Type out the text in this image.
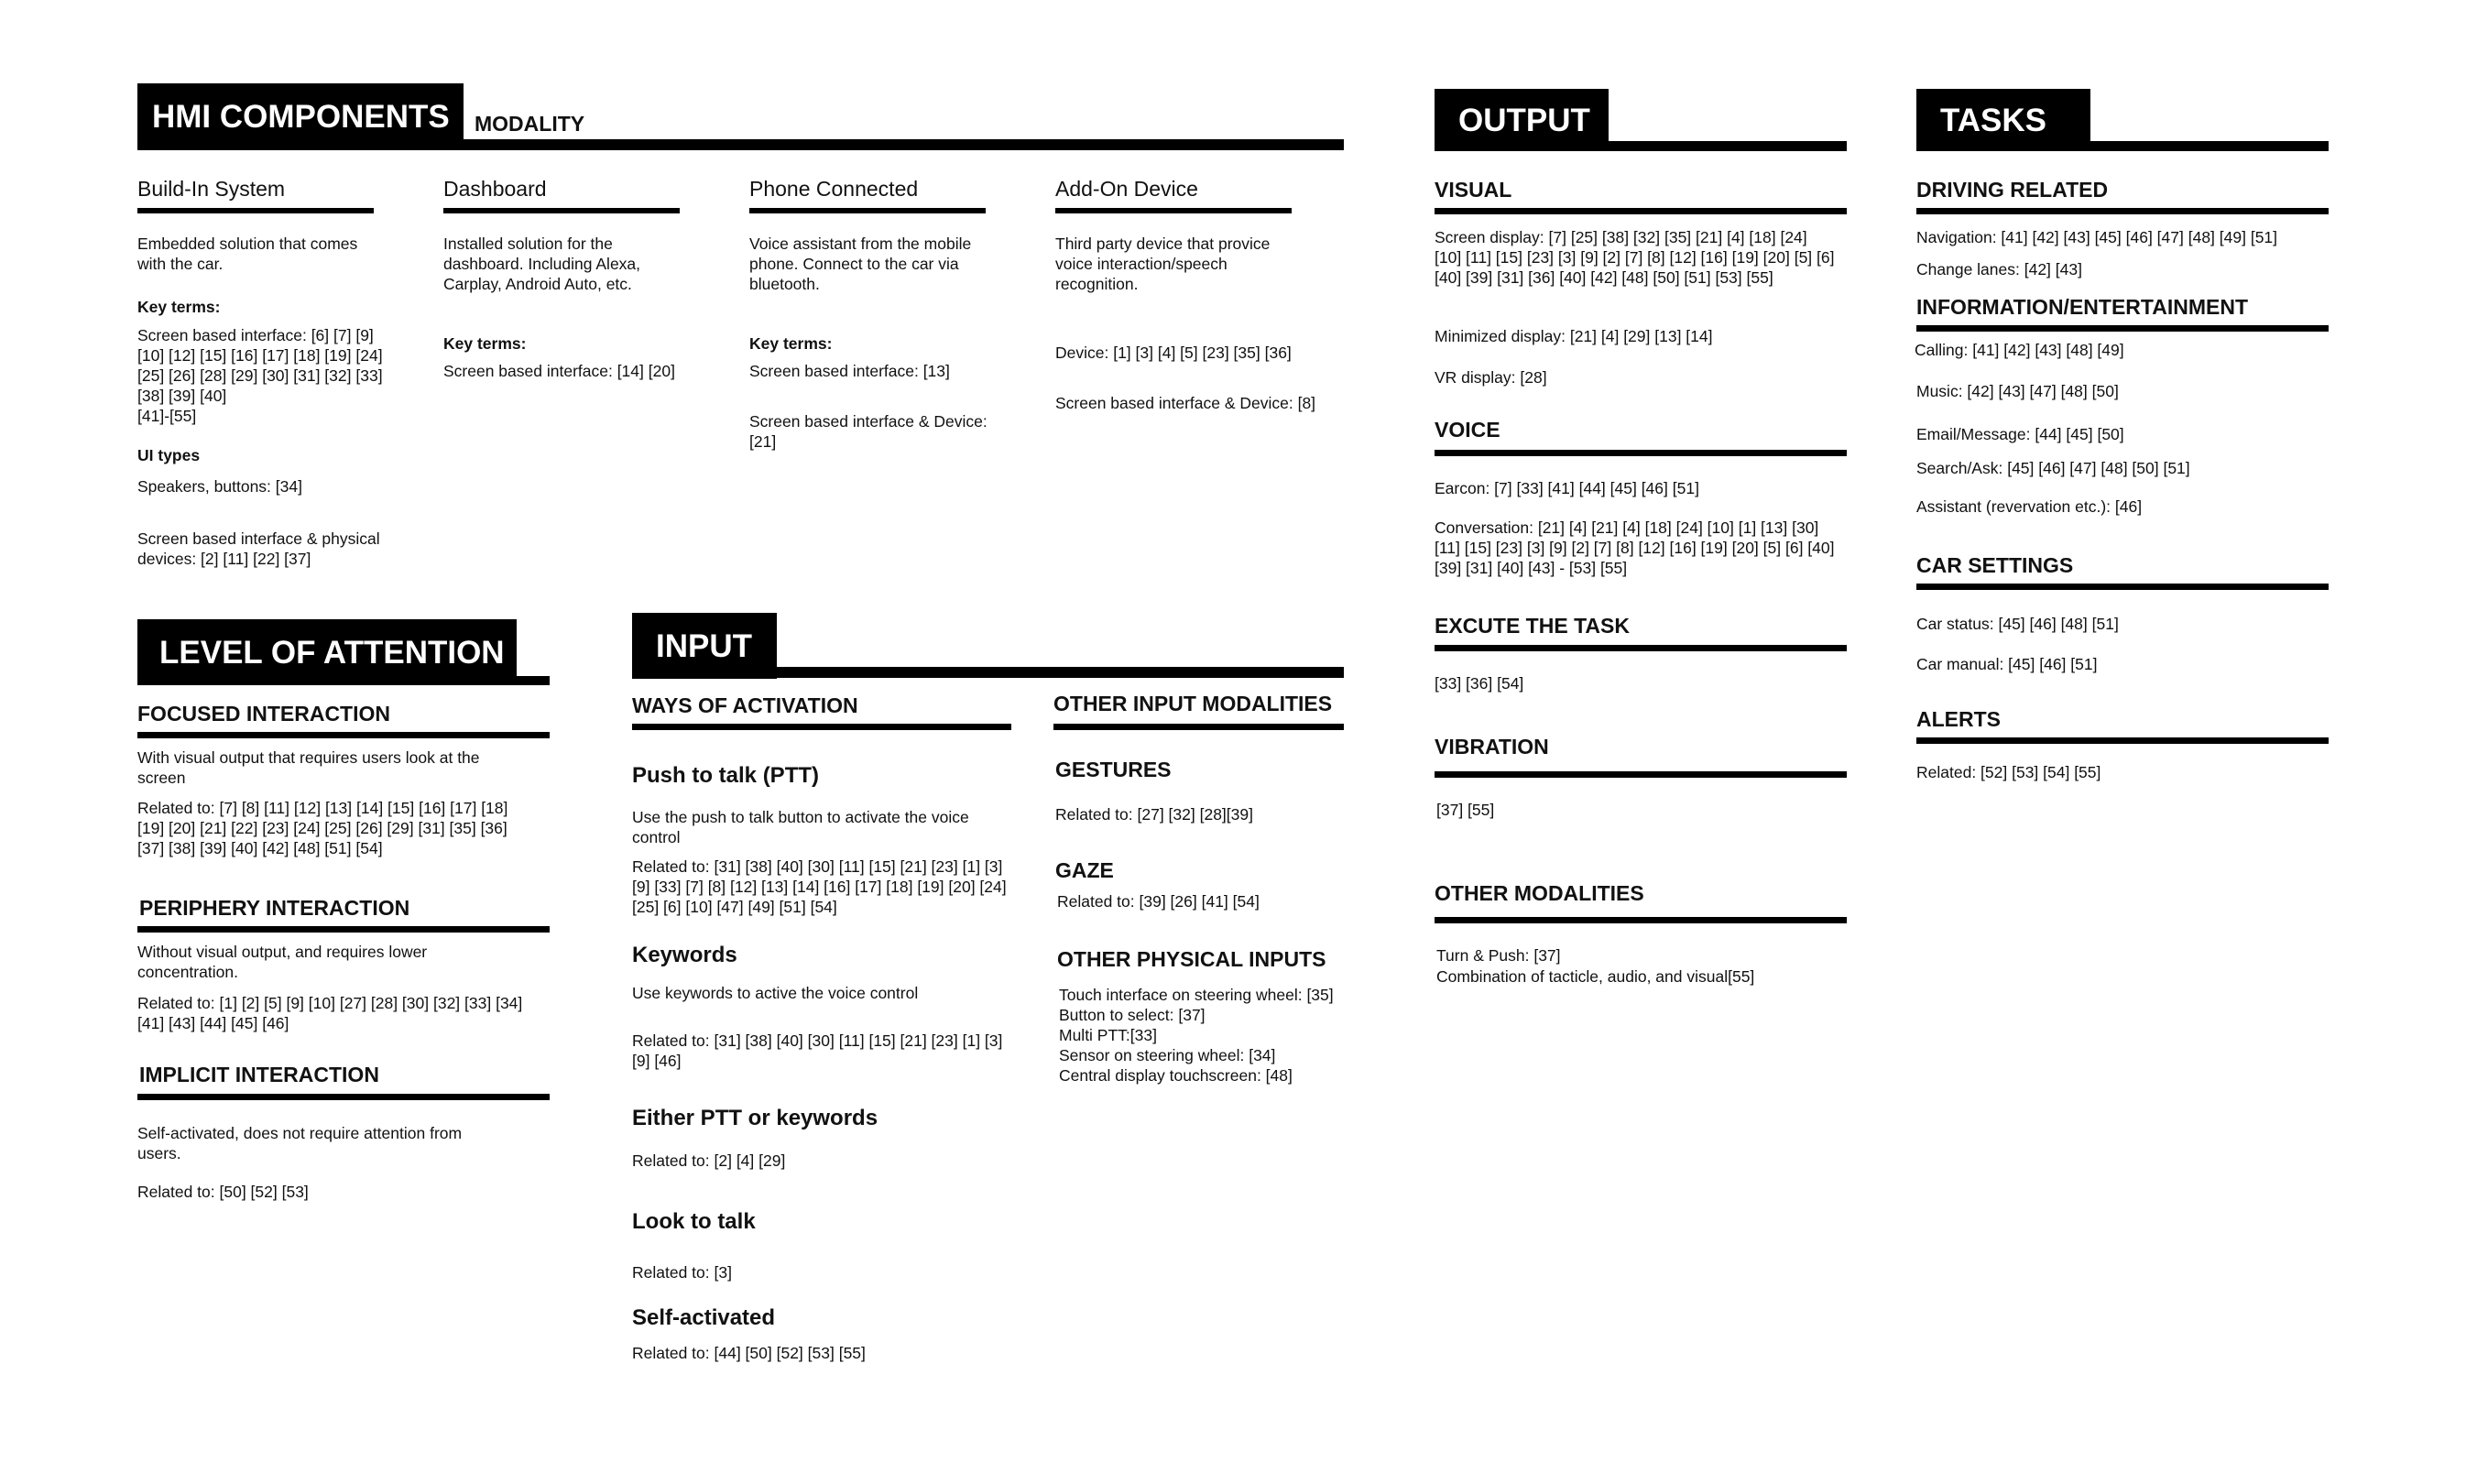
HMI COMPONENTS	MODALITY
Build-In System
Embedded solution that comes with the car.
Key terms:
Screen based interface: [6] [7] [9] [10] [12] [15] [16] [17] [18] [19] [24] [25] [26] [28] [29] [30] [31] [32] [33] [38] [39] [40]
[41]-[55]
UI types
Speakers, buttons: [34]
Screen based interface & physical devices: [2] [11] [22] [37]
Dashboard
Installed solution for the dashboard. Including Alexa, Carplay, Android Auto, etc.
Key terms:
Screen based interface: [14] [20]
Phone Connected
Voice assistant from the mobile phone. Connect to the car via bluetooth.
Key terms:
Screen based interface: [13]
Screen based interface & Device: [21]
Add-On Device
Third party device that provice voice interaction/speech recognition.
Device: [1] [3] [4] [5] [23] [35] [36]
Screen based interface & Device: [8]
LEVEL OF ATTENTION
FOCUSED INTERACTION
With visual output that requires users look at the screen
Related to: [7] [8] [11] [12] [13] [14] [15] [16] [17] [18] [19] [20] [21] [22] [23] [24] [25] [26] [29] [31] [35] [36] [37] [38] [39] [40] [42] [48] [51] [54]
PERIPHERY INTERACTION
Without visual output, and requires lower concentration.
Related to: [1] [2] [5] [9] [10] [27] [28] [30] [32] [33] [34] [41] [43] [44] [45] [46]
IMPLICIT INTERACTION
Self-activated, does not require attention from users.
Related to: [50] [52] [53]
INPUT
WAYS OF ACTIVATION
Push to talk (PTT)
Use the push to talk button to activate the voice control
Related to: [31] [38] [40] [30] [11] [15] [21] [23] [1] [3] [9] [33] [7] [8] [12] [13] [14] [16] [17] [18] [19] [20] [24] [25] [6] [10] [47] [49] [51] [54]
Keywords
Use keywords to active the voice control
Related to: [31] [38] [40] [30] [11] [15] [21] [23] [1] [3] [9] [46]
Either PTT or keywords
Related to: [2] [4] [29]
Look to talk
Related to: [3]
Self-activated
Related to: [44] [50] [52] [53] [55]
OTHER INPUT MODALITIES
GESTURES
Related to: [27] [32] [28][39]
GAZE
Related to: [39] [26] [41] [54]
OTHER PHYSICAL INPUTS
Touch interface on steering wheel: [35]
Button to select: [37]
Multi PTT:[33]
Sensor on steering wheel: [34]
Central display touchscreen: [48]
OUTPUT
VISUAL
Screen display: [7] [25] [38] [32] [35] [21] [4] [18] [24] [10] [11] [15] [23] [3] [9] [2] [7] [8] [12] [16] [19] [20] [5] [6] [40] [39] [31] [36] [40] [42] [48] [50] [51] [53] [55]
Minimized display: [21] [4] [29] [13] [14]
VR display: [28]
VOICE
Earcon: [7] [33] [41] [44] [45] [46] [51]
Conversation: [21] [4] [21] [4] [18] [24] [10] [1] [13] [30] [11] [15] [23] [3] [9] [2] [7] [8] [12] [16] [19] [20] [5] [6] [40] [39] [31] [40] [43] - [53] [55]
EXCUTE THE TASK
[33] [36] [54]
VIBRATION
[37] [55]
OTHER MODALITIES
Turn & Push: [37]
Combination of tacticle, audio, and visual[55]
TASKS
DRIVING RELATED
Navigation: [41] [42] [43] [45] [46] [47] [48] [49] [51]
Change lanes: [42] [43]
INFORMATION/ENTERTAINMENT
Calling: [41] [42] [43] [48] [49]
Music: [42] [43] [47] [48] [50]
Email/Message: [44] [45] [50]
Search/Ask: [45] [46] [47] [48] [50] [51]
Assistant (revervation etc.): [46]
CAR SETTINGS
Car status: [45] [46] [48] [51]
Car manual: [45] [46] [51]
ALERTS
Related: [52] [53] [54] [55]
